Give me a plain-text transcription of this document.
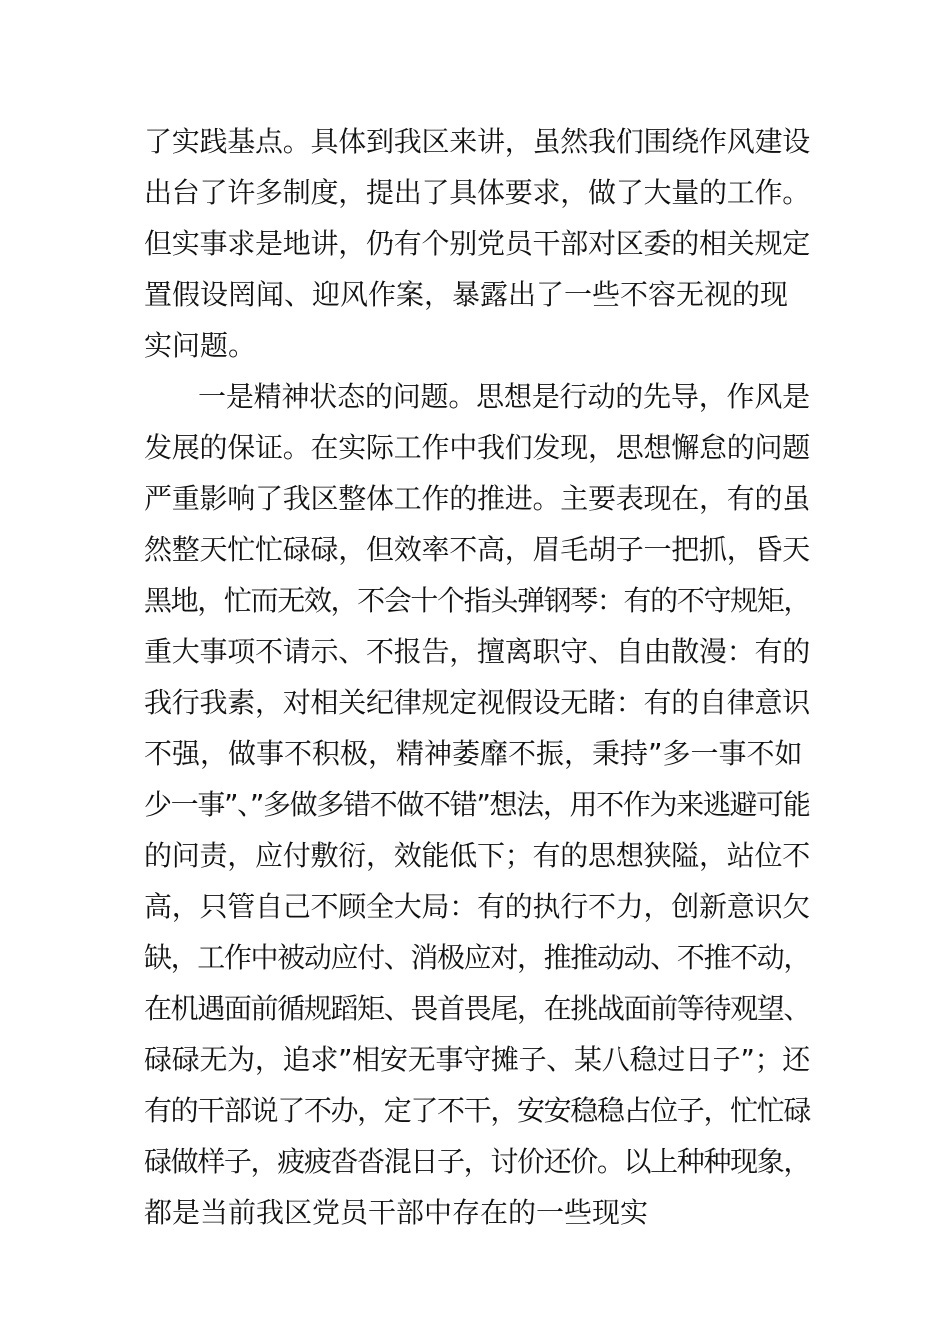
了实践基点。具体到我区来讲，虽然我们围绕作风建设
出台了许多制度，提出了具体要求，做了大量的工作。
但实事求是地讲，仍有个别党员干部对区委的相关规定
置假设罔闻、迎风作案，暴露出了一些不容无视的现
实问题。
一是精神状态的问题。思想是行动的先导，作风是
发展的保证。在实际工作中我们发现，思想懈怠的问题
严重影响了我区整体工作的推进。主要表现在，有的虽
然整天忙忙碌碌，但效率不高，眉毛胡子一把抓，昏天
黑地，忙而无效，不会十个指头弹钢琴：有的不守规矩，
重大事项不请示、不报告，擅离职守、自由散漫：有的
我行我素，对相关纪律规定视假设无睹：有的自律意识
不强，做事不积极，精神萎靡不振，秉持”多一事不如
少一事”、”多做多错不做不错”想法，用不作为来逃避可能
的问责，应付敷衍，效能低下；有的思想狭隘，站位不
高，只管自己不顾全大局：有的执行不力，创新意识欠
缺，工作中被动应付、消极应对，推推动动、不推不动，
在机遇面前循规蹈矩、畏首畏尾，在挑战面前等待观望、
碌碌无为，追求”相安无事守摊子、某八稳过日子”；还
有的干部说了不办，定了不干，安安稳稳占位子，忙忙碌
碌做样子，疲疲沓沓混日子，讨价还价。以上种种现象，
都是当前我区党员干部中存在的一些现实
